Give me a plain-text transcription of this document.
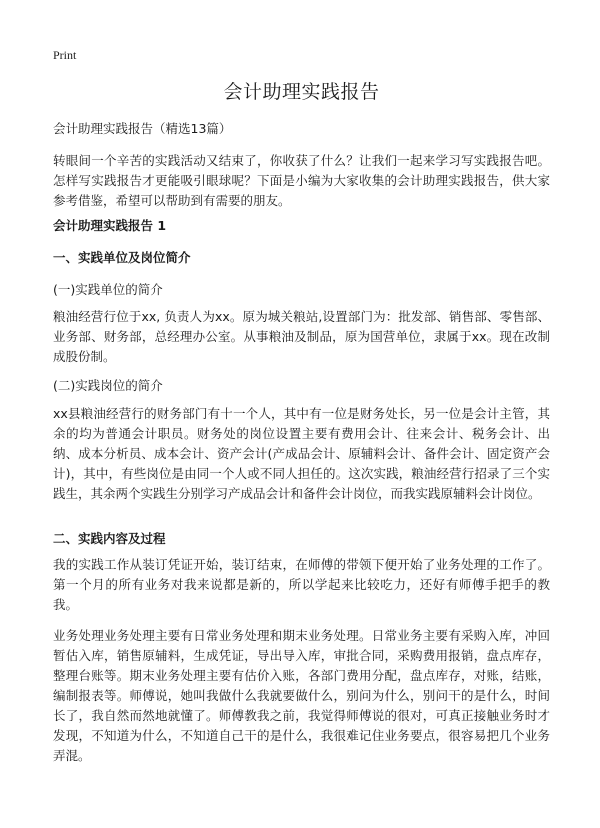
Print
会计助理实践报告
会计助理实践报告（精选13篇）

转眼间一个辛苦的实践活动又结束了，你收获了什么？让我们一起来学习写实践报告吧。怎样写实践报告才更能吸引眼球呢？下面是小编为大家收集的会计助理实践报告，供大家参考借鉴，希望可以帮助到有需要的朋友。

会计助理实践报告 1
一、实践单位及岗位简介
(一)实践单位的简介

粮油经营行位于xx, 负责人为xx。原为城关粮站,设置部门为：批发部、销售部、零售部、业务部、财务部，总经理办公室。从事粮油及制品，原为国营单位，隶属于xx。现在改制成股份制。

(二)实践岗位的简介

xx县粮油经营行的财务部门有十一个人，其中有一位是财务处长，另一位是会计主管，其余的均为普通会计职员。财务处的岗位设置主要有费用会计、往来会计、税务会计、出纳、成本分析员、成本会计、资产会计(产成品会计、原辅料会计、备件会计、固定资产会计)，其中，有些岗位是由同一个人或不同人担任的。这次实践，粮油经营行招录了三个实践生，其余两个实践生分别学习产成品会计和备件会计岗位，而我实践原辅料会计岗位。

二、实践内容及过程

我的实践工作从装订凭证开始，装订结束，在师傅的带领下便开始了业务处理的工作了。第一个月的所有业务对我来说都是新的，所以学起来比较吃力，还好有师傅手把手的教我。

业务处理业务处理主要有日常业务处理和期末业务处理。日常业务主要有采购入库，冲回暂估入库，销售原辅料，生成凭证，导出导入库，审批合同，采购费用报销，盘点库存，整理台账等。期末业务处理主要有估价入账，各部门费用分配，盘点库存，对账，结账，编制报表等。师傅说，她叫我做什么我就要做什么，别问为什么，别问干的是什么，时间长了，我自然而然地就懂了。师傅教我之前，我觉得师傅说的很对，可真正接触业务时才发现，不知道为什么，不知道自己干的是什么，我很难记住业务要点，很容易把几个业务弄混。
